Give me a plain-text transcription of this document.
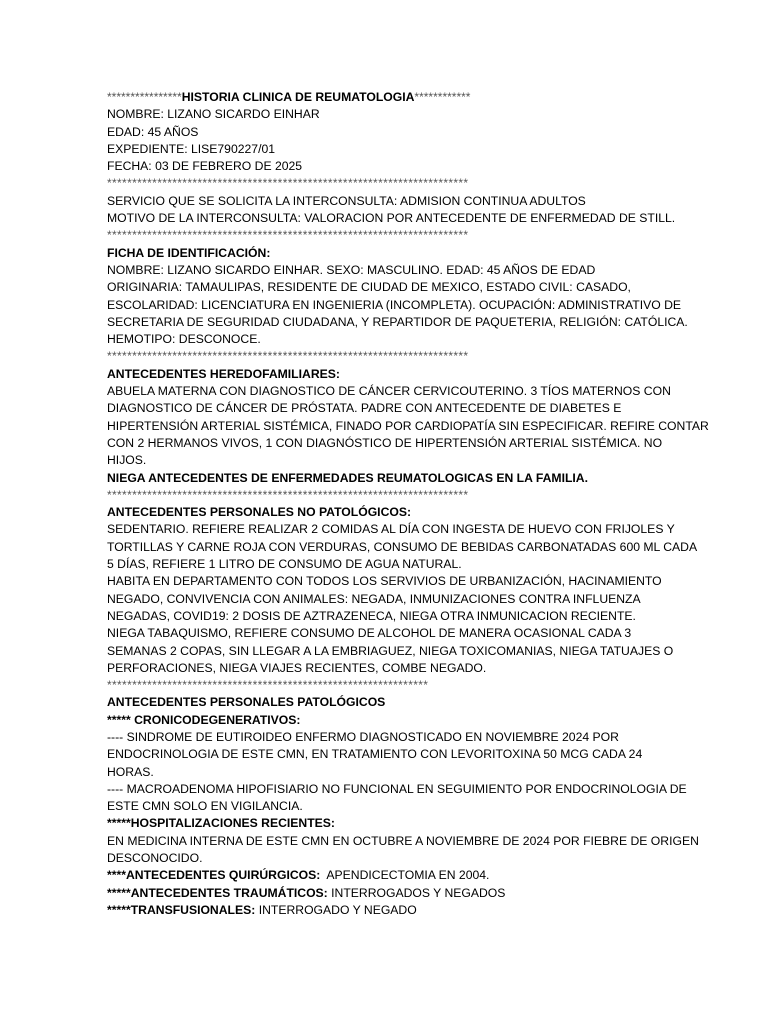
****************HISTORIA CLINICA DE REUMATOLOGIA************
NOMBRE: LIZANO SICARDO EINHAR
EDAD: 45 AÑOS
EXPEDIENTE: LISE790227/01
FECHA: 03 DE FEBRERO DE 2025
************************************************************************
SERVICIO QUE SE SOLICITA LA INTERCONSULTA: ADMISION CONTINUA ADULTOS
MOTIVO DE LA INTERCONSULTA: VALORACION POR ANTECEDENTE DE ENFERMEDAD DE STILL.
************************************************************************
FICHA DE IDENTIFICACIÓN:
NOMBRE: LIZANO SICARDO EINHAR. SEXO: MASCULINO. EDAD: 45 AÑOS DE EDAD
ORIGINARIA: TAMAULIPAS, RESIDENTE DE CIUDAD DE MEXICO, ESTADO CIVIL: CASADO,
ESCOLARIDAD: LICENCIATURA EN INGENIERIA (INCOMPLETA). OCUPACIÓN: ADMINISTRATIVO DE
SECRETARIA DE SEGURIDAD CIUDADANA, Y REPARTIDOR DE PAQUETERIA, RELIGIÓN: CATÓLICA.
HEMOTIPO: DESCONOCE.
************************************************************************
ANTECEDENTES HEREDOFAMILIARES:
ABUELA MATERNA CON DIAGNOSTICO DE CÁNCER CERVICOUTERINO. 3 TÍOS MATERNOS CON
DIAGNOSTICO DE CÁNCER DE PRÓSTATA. PADRE CON ANTECEDENTE DE DIABETES E
HIPERTENSIÓN ARTERIAL SISTÉMICA, FINADO POR CARDIOPATÍA SIN ESPECIFICAR. REFIRE CONTAR
CON 2 HERMANOS VIVOS, 1 CON DIAGNÓSTICO DE HIPERTENSIÓN ARTERIAL SISTÉMICA. NO
HIJOS.
NIEGA ANTECEDENTES DE ENFERMEDADES REUMATOLOGICAS EN LA FAMILIA.
************************************************************************
ANTECEDENTES PERSONALES NO PATOLÓGICOS:
SEDENTARIO. REFIERE REALIZAR 2 COMIDAS AL DÍA CON INGESTA DE HUEVO CON FRIJOLES Y
TORTILLAS Y CARNE ROJA CON VERDURAS, CONSUMO DE BEBIDAS CARBONATADAS 600 ML CADA
5 DÍAS, REFIERE 1 LITRO DE CONSUMO DE AGUA NATURAL.
HABITA EN DEPARTAMENTO CON TODOS LOS SERVIVIOS DE URBANIZACIÓN, HACINAMIENTO
NEGADO, CONVIVENCIA CON ANIMALES: NEGADA, INMUNIZACIONES CONTRA INFLUENZA
NEGADAS, COVID19: 2 DOSIS DE AZTRAZENECA, NIEGA OTRA INMUNICACION RECIENTE.
NIEGA TABAQUISMO, REFIERE CONSUMO DE ALCOHOL DE MANERA OCASIONAL CADA 3
SEMANAS 2 COPAS, SIN LLEGAR A LA EMBRIAGUEZ, NIEGA TOXICOMANIAS, NIEGA TATUAJES O
PERFORACIONES, NIEGA VIAJES RECIENTES, COMBE NEGADO.
****************************************************************
ANTECEDENTES PERSONALES PATOLÓGICOS
***** CRONICODEGENERATIVOS:
---- SINDROME DE EUTIROIDEO ENFERMO DIAGNOSTICADO EN NOVIEMBRE 2024 POR
ENDOCRINOLOGIA DE ESTE CMN, EN TRATAMIENTO CON LEVORITOXINA 50 MCG CADA 24
HORAS.
---- MACROADENOMA HIPOFISIARIO NO FUNCIONAL EN SEGUIMIENTO POR ENDOCRINOLOGIA DE
ESTE CMN SOLO EN VIGILANCIA.
*****HOSPITALIZACIONES RECIENTES:
EN MEDICINA INTERNA DE ESTE CMN EN OCTUBRE A NOVIEMBRE DE 2024 POR FIEBRE DE ORIGEN
DESCONOCIDO.
****ANTECEDENTES QUIRÚRGICOS:  APENDICECTOMIA EN 2004.
*****ANTECEDENTES TRAUMÁTICOS: INTERROGADOS Y NEGADOS
*****TRANSFUSIONALES: INTERROGADO Y NEGADO
